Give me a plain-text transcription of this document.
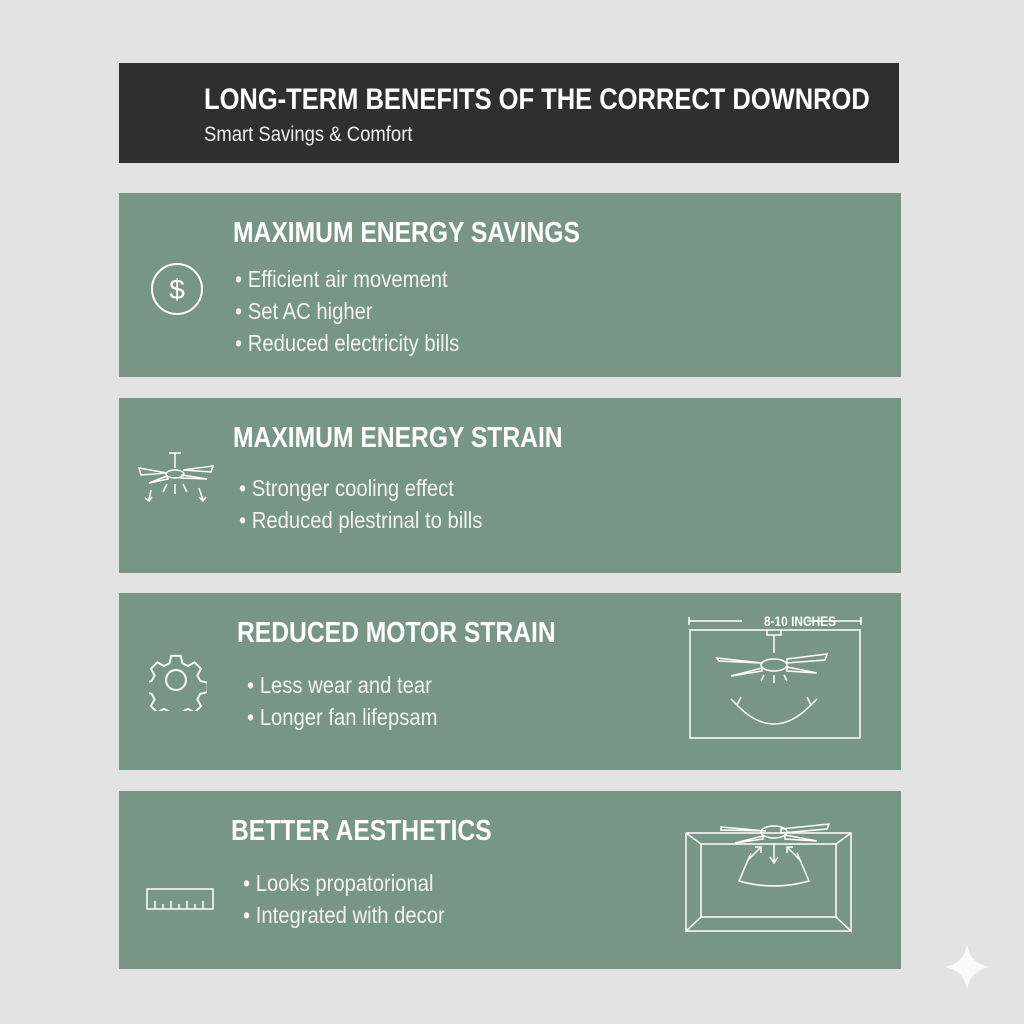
LONG-TERM BENEFITS OF THE CORRECT DOWNROD
Smart Savings & Comfort
$
MAXIMUM ENERGY SAVINGS
• Efficient air movement
• Set AC higher
• Reduced electricity bills
MAXIMUM ENERGY STRAIN
• Stronger cooling effect
• Reduced plestrinal to bills
REDUCED MOTOR STRAIN
• Less wear and tear
• Longer fan lifepsam
8-10 INCHES
BETTER AESTHETICS
• Looks propatorional
• Integrated with decor
